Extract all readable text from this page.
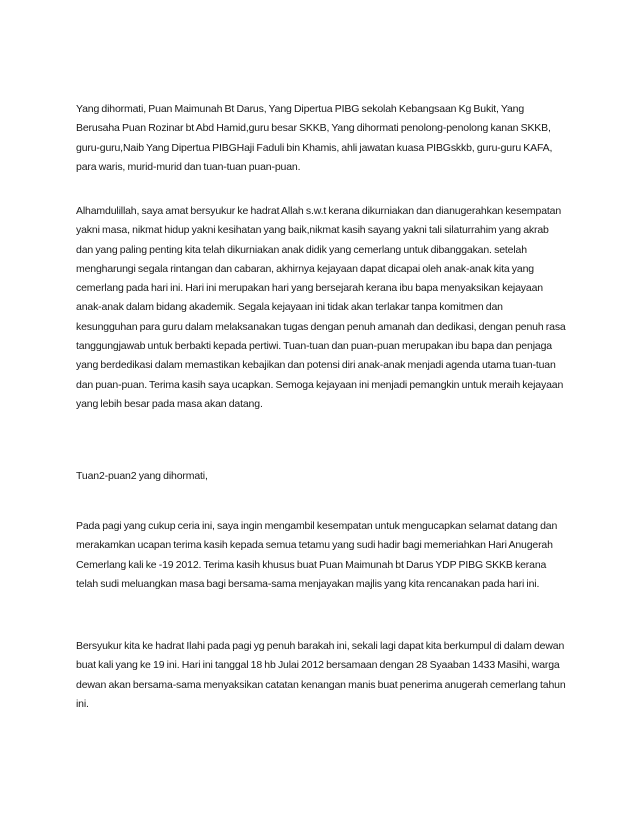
Yang dihormati, Puan Maimunah Bt Darus, Yang Dipertua PIBG sekolah Kebangsaan Kg Bukit, Yang Berusaha Puan Rozinar bt Abd Hamid,guru besar SKKB, Yang dihormati penolong-penolong kanan SKKB, guru-guru,Naib Yang Dipertua PIBGHaji Faduli bin Khamis, ahli jawatan kuasa PIBGskkb, guru-guru KAFA, para waris, murid-murid dan tuan-tuan puan-puan.

Alhamdulillah, saya amat bersyukur ke hadrat Allah s.w.t kerana dikurniakan dan dianugerahkan kesempatan yakni masa, nikmat hidup yakni kesihatan yang baik,nikmat kasih sayang yakni tali silaturrahim yang akrab dan yang paling penting kita telah dikurniakan anak didik yang cemerlang untuk dibanggakan. setelah mengharungi segala rintangan dan cabaran, akhirnya kejayaan dapat dicapai oleh anak-anak kita yang cemerlang pada hari ini. Hari ini merupakan hari yang bersejarah kerana ibu bapa menyaksikan kejayaan anak-anak dalam bidang akademik. Segala kejayaan ini tidak akan terlakar tanpa komitmen dan kesungguhan para guru dalam melaksanakan tugas dengan penuh amanah dan dedikasi, dengan penuh rasa tanggungjawab untuk berbakti kepada pertiwi. Tuan-tuan dan puan-puan merupakan ibu bapa dan penjaga yang berdedikasi dalam memastikan kebajikan dan potensi diri anak-anak menjadi agenda utama tuan-tuan dan puan-puan. Terima kasih saya ucapkan. Semoga kejayaan ini menjadi pemangkin untuk meraih kejayaan yang lebih besar pada masa akan datang.

Tuan2-puan2 yang dihormati,

Pada pagi yang cukup ceria ini, saya ingin mengambil kesempatan untuk mengucapkan selamat datang dan merakamkan ucapan terima kasih kepada semua tetamu yang sudi hadir bagi memeriahkan Hari Anugerah Cemerlang kali ke -19 2012. Terima kasih khusus buat Puan Maimunah bt Darus YDP PIBG SKKB kerana telah sudi meluangkan masa bagi bersama-sama menjayakan majlis yang kita rencanakan pada hari ini.

Bersyukur kita ke hadrat Ilahi pada pagi yg penuh barakah ini, sekali lagi dapat kita berkumpul di dalam dewan buat kali yang ke 19 ini. Hari ini tanggal 18 hb Julai 2012 bersamaan dengan 28 Syaaban 1433 Masihi, warga dewan akan bersama-sama menyaksikan catatan kenangan manis buat penerima anugerah cemerlang tahun ini.
